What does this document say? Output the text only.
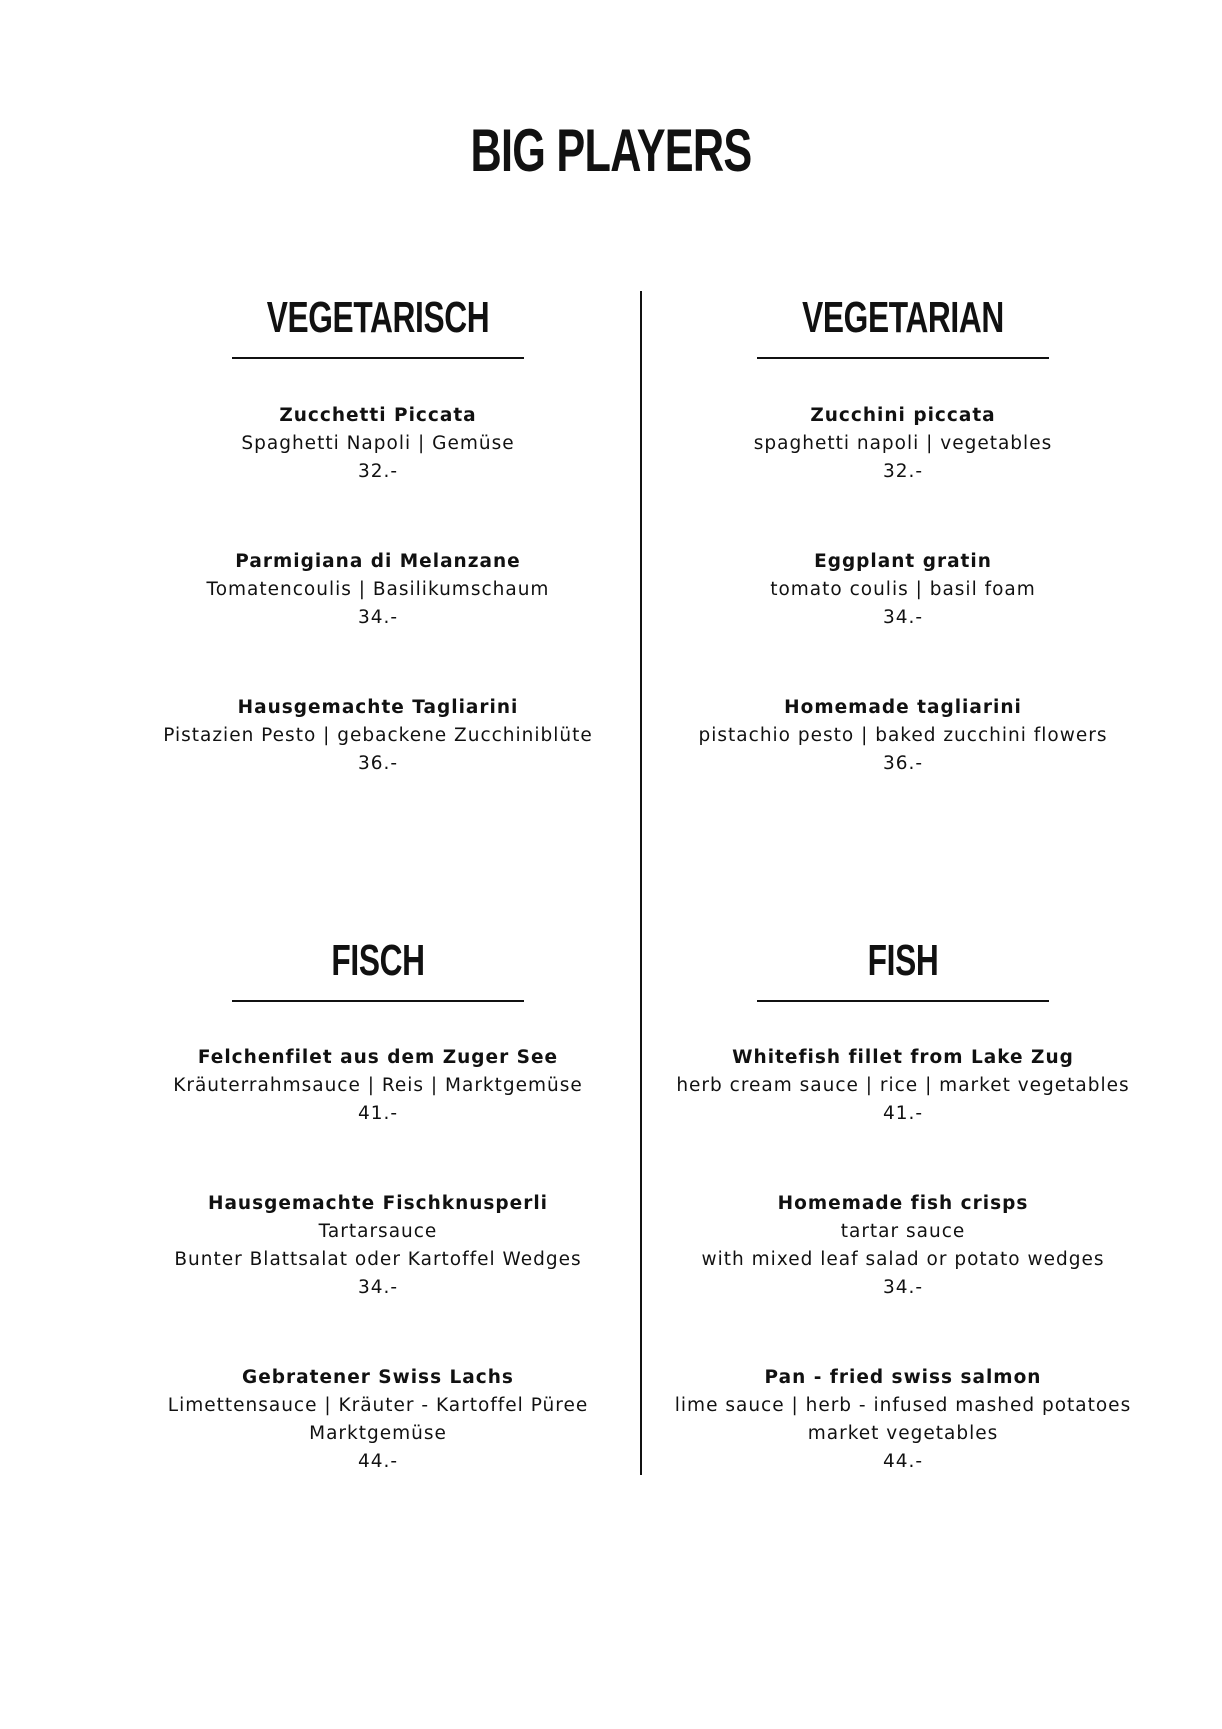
BIG PLAYERS
VEGETARISCH
Zucchetti Piccata
Spaghetti Napoli | Gemüse
32.-
Parmigiana di Melanzane
Tomatencoulis | Basilikumschaum
34.-
Hausgemachte Tagliarini
Pistazien Pesto | gebackene Zucchiniblüte
36.-
FISCH
Felchenfilet aus dem Zuger See
Kräuterrahmsauce | Reis | Marktgemüse
41.-
Hausgemachte Fischknusperli
Tartarsauce
Bunter Blattsalat oder Kartoffel Wedges
34.-
Gebratener Swiss Lachs
Limettensauce | Kräuter - Kartoffel Püree
Marktgemüse
44.-
VEGETARIAN
Zucchini piccata
spaghetti napoli | vegetables
32.-
Eggplant gratin
tomato coulis | basil foam
34.-
Homemade tagliarini
pistachio pesto | baked zucchini flowers
36.-
FISH
Whitefish fillet from Lake Zug
herb cream sauce | rice | market vegetables
41.-
Homemade fish crisps
tartar sauce
with mixed leaf salad or potato wedges
34.-
Pan - fried swiss salmon
lime sauce | herb - infused mashed potatoes
market vegetables
44.-
